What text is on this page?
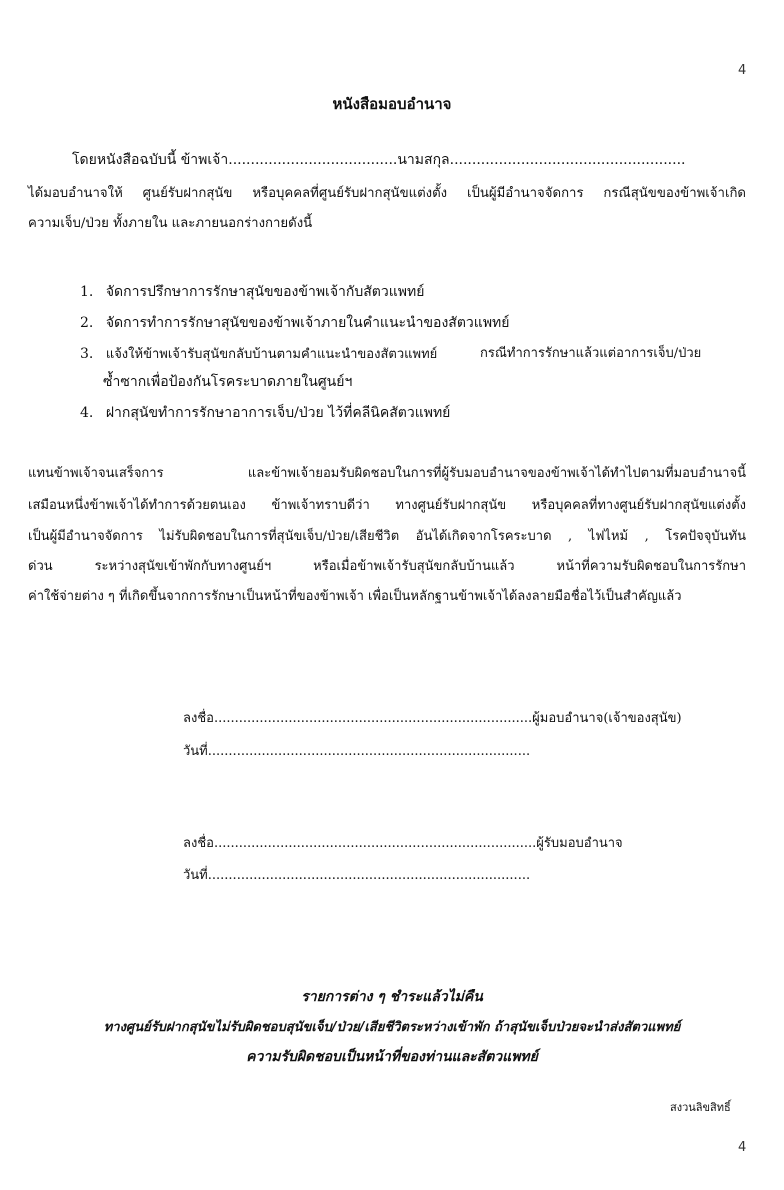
4
หนังสือมอบอำนาจ
โดยหนังสือฉบับนี้ ข้าพเจ้า......................................นามสกุล.....................................................
ได้มอบอำนาจให้ ศูนย์รับฝากสุนัข หรือบุคคลที่ศูนย์รับฝากสุนัขแต่งตั้ง เป็นผู้มีอำนาจจัดการ กรณีสุนัขของข้าพเจ้าเกิด
ความเจ็บ/ป่วย ทั้งภายใน และภายนอกร่างกายดังนี้
1. จัดการปรึกษาการรักษาสุนัขของข้าพเจ้ากับสัตวแพทย์
2. จัดการทำการรักษาสุนัขของข้าพเจ้าภายในคำแนะนำของสัตวแพทย์
3. แจ้งให้ข้าพเจ้ารับสุนัขกลับบ้านตามคำแนะนำของสัตวแพทย์	กรณีทำการรักษาแล้วแต่อาการเจ็บ/ป่วย
ซ้ำซากเพื่อป้องกันโรคระบาดภายในศูนย์ฯ
4. ฝากสุนัขทำการรักษาอาการเจ็บ/ป่วย ไว้ที่คลีนิคสัตวแพทย์
แทนข้าพเจ้าจนเสร็จการ และข้าพเจ้ายอมรับผิดชอบในการที่ผู้รับมอบอำนาจของข้าพเจ้าได้ทำไปตามที่มอบอำนาจนี้
เสมือนหนึ่งข้าพเจ้าได้ทำการด้วยตนเอง ข้าพเจ้าทราบดีว่า ทางศูนย์รับฝากสุนัข หรือบุคคลที่ทางศูนย์รับฝากสุนัขแต่งตั้ง
เป็นผู้มีอำนาจจัดการ ไม่รับผิดชอบในการที่สุนัขเจ็บ/ป่วย/เสียชีวิต อันได้เกิดจากโรคระบาด , ไฟไหม้ , โรคปัจจุบันทัน
ด่วน ระหว่างสุนัขเข้าพักกับทางศูนย์ฯ หรือเมื่อข้าพเจ้ารับสุนัขกลับบ้านแล้ว หน้าที่ความรับผิดชอบในการรักษา
ค่าใช้จ่ายต่าง ๆ ที่เกิดขึ้นจากการรักษาเป็นหน้าที่ของข้าพเจ้า เพื่อเป็นหลักฐานข้าพเจ้าได้ลงลายมือชื่อไว้เป็นสำคัญแล้ว
ลงชื่อ.............................................................................ผู้มอบอำนาจ(เจ้าของสุนัข)
วันที่..............................................................................
ลงชื่อ..............................................................................ผู้รับมอบอำนาจ
วันที่..............................................................................
รายการต่าง ๆ ชำระแล้วไม่คืน
ทางศูนย์รับฝากสุนัขไม่รับผิดชอบสุนัขเจ็บ/ป่วย/เสียชีวิตระหว่างเข้าพัก ถ้าสุนัขเจ็บป่วยจะนำส่งสัตวแพทย์
ความรับผิดชอบเป็นหน้าที่ของท่านและสัตวแพทย์
สงวนลิขสิทธิ์
4
